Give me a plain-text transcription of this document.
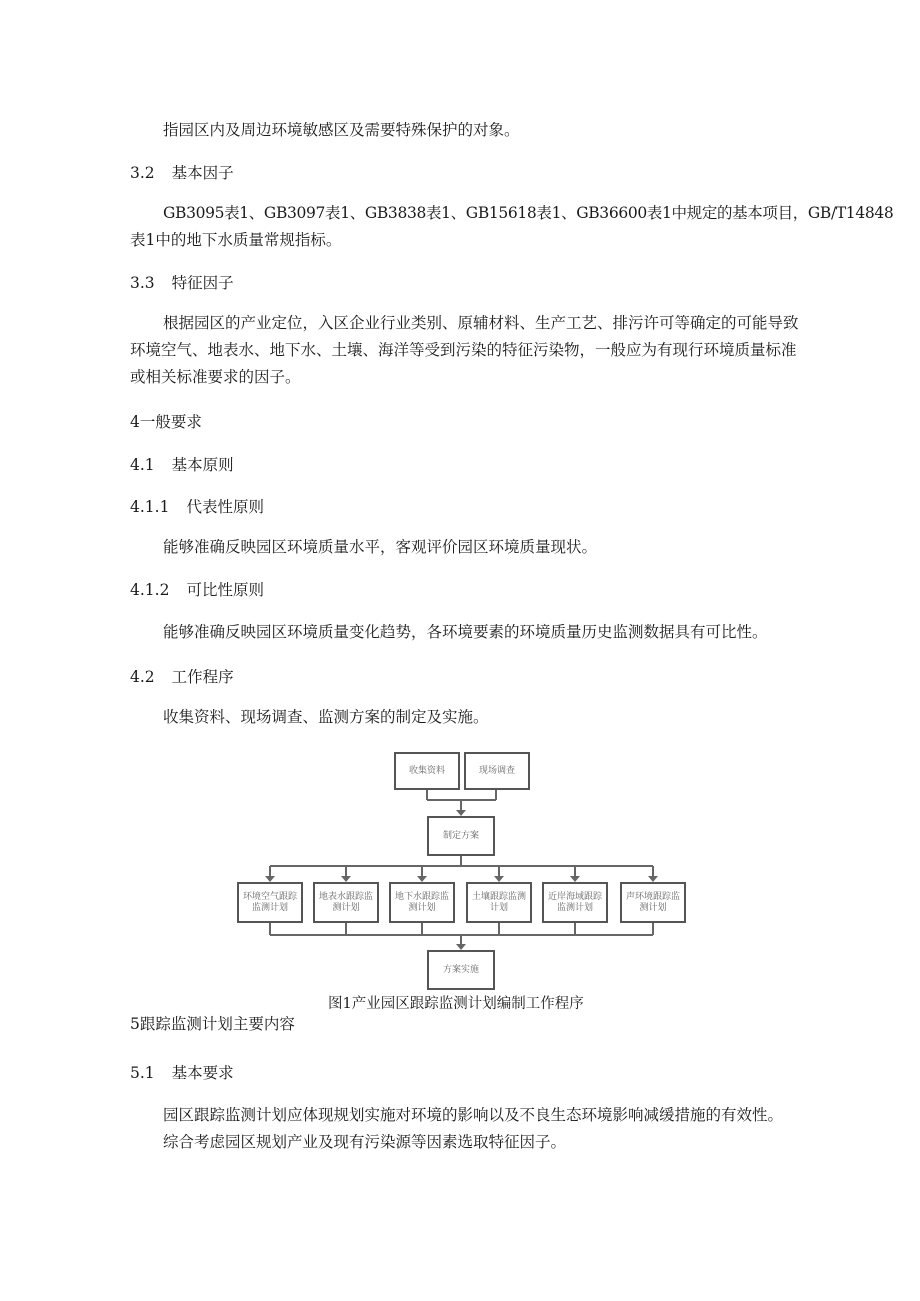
指园区内及周边环境敏感区及需要特殊保护的对象。
3.2 基本因子
GB3095表1、GB3097表1、GB3838表1、GB15618表1、GB36600表1中规定的基本项目，GB/T14848
表1中的地下水质量常规指标。
3.3 特征因子
根据园区的产业定位，入区企业行业类别、原辅材料、生产工艺、排污许可等确定的可能导致
环境空气、地表水、地下水、土壤、海洋等受到污染的特征污染物，一般应为有现行环境质量标准
或相关标准要求的因子。
4一般要求
4.1 基本原则
4.1.1 代表性原则
能够准确反映园区环境质量水平，客观评价园区环境质量现状。
4.1.2 可比性原则
能够准确反映园区环境质量变化趋势，各环境要素的环境质量历史监测数据具有可比性。
4.2 工作程序
收集资料、现场调查、监测方案的制定及实施。
收集资料	现场调查
制定方案
环境空气跟踪监测计划
地表水跟踪监测计划
地下水跟踪监测计划
土壤跟踪监测计划
近岸海域跟踪监测计划
声环境跟踪监测计划
方案实施
图1产业园区跟踪监测计划编制工作程序
5跟踪监测计划主要内容
5.1 基本要求
园区跟踪监测计划应体现规划实施对环境的影响以及不良生态环境影响减缓措施的有效性。
综合考虑园区规划产业及现有污染源等因素选取特征因子。
